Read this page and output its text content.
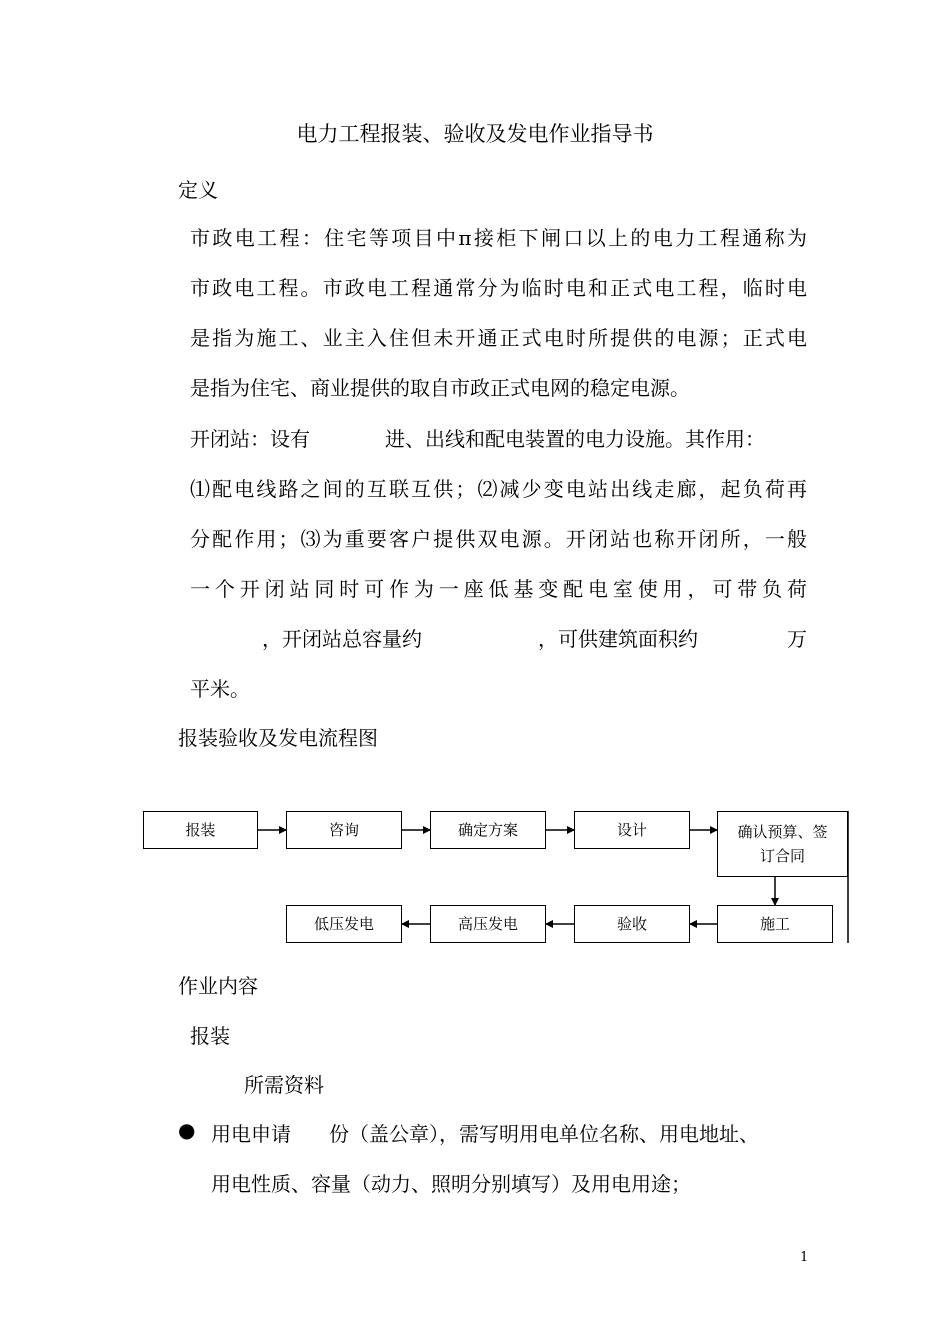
电力工程报装、验收及发电作业指导书
定义
市政电工程：住宅等项目中π接柜下闸口以上的电力工程通称为
市政电工程。市政电工程通常分为临时电和正式电工程，临时电
是指为施工、业主入住但未开通正式电时所提供的电源；正式电
是指为住宅、商业提供的取自市政正式电网的稳定电源。
开闭站：设有	进、出线和配电装置的电力设施。其作用：
⑴配电线路之间的互联互供；⑵减少变电站出线走廊，起负荷再
分配作用；⑶为重要客户提供双电源。开闭站也称开闭所，一般
一个开闭站同时可作为一座低基变配电室使用，可带负荷
，开闭站总容量约	，可供建筑面积约	万
平米。
报装验收及发电流程图
报装	咨询	确定方案	设计	确认预算、签订合同
低压发电	高压发电	验收	施工
作业内容
报装
所需资料
● 用电申请 份（盖公章），需写明用电单位名称、用电地址、
用电性质、容量（动力、照明分别填写）及用电用途；
1
